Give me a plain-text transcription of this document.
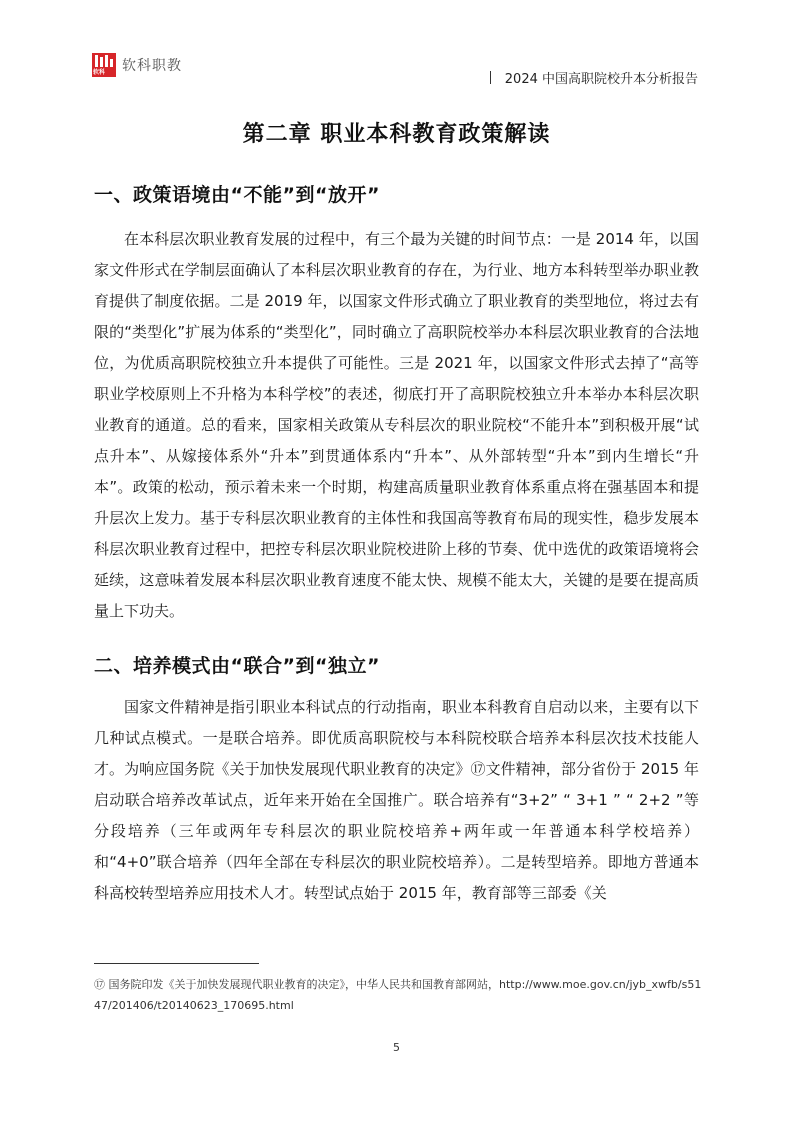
软科 软科职教
2024 中国高职院校升本分析报告
第二章 职业本科教育政策解读
一、政策语境由“不能”到“放开”
在本科层次职业教育发展的过程中，有三个最为关键的时间节点：一是 2014 年，以国家文件形式在学制层面确认了本科层次职业教育的存在，为行业、地方本科转型举办职业教育提供了制度依据。二是 2019 年，以国家文件形式确立了职业教育的类型地位，将过去有限的“类型化”扩展为体系的“类型化”，同时确立了高职院校举办本科层次职业教育的合法地位，为优质高职院校独立升本提供了可能性。三是 2021 年，以国家文件形式去掉了“高等职业学校原则上不升格为本科学校”的表述，彻底打开了高职院校独立升本举办本科层次职业教育的通道。总的看来，国家相关政策从专科层次的职业院校“不能升本”到积极开展“试点升本”、从嫁接体系外“升本”到贯通体系内“升本”、从外部转型“升本”到内生增长“升本”。政策的松动，预示着未来一个时期，构建高质量职业教育体系重点将在强基固本和提升层次上发力。基于专科层次职业教育的主体性和我国高等教育布局的现实性，稳步发展本科层次职业教育过程中，把控专科层次职业院校进阶上移的节奏、优中选优的政策语境将会延续，这意味着发展本科层次职业教育速度不能太快、规模不能太大，关键的是要在提高质量上下功夫。
二、培养模式由“联合”到“独立”
国家文件精神是指引职业本科试点的行动指南，职业本科教育自启动以来，主要有以下几种试点模式。一是联合培养。即优质高职院校与本科院校联合培养本科层次技术技能人才。为响应国务院《关于加快发展现代职业教育的决定》⑰文件精神，部分省份于 2015 年启动联合培养改革试点，近年来开始在全国推广。联合培养有“3+2” “ 3+1 ” “ 2+2 ”等分段培养（三年或两年专科层次的职业院校培养+两年或一年普通本科学校培养）和“4+0”联合培养（四年全部在专科层次的职业院校培养）。二是转型培养。即地方普通本科高校转型培养应用技术人才。转型试点始于 2015 年，教育部等三部委《关
⑰ 国务院印发《关于加快发展现代职业教育的决定》，中华人民共和国教育部网站，http://www.moe.gov.cn/jyb_xwfb/s5147/201406/t20140623_170695.html
5
